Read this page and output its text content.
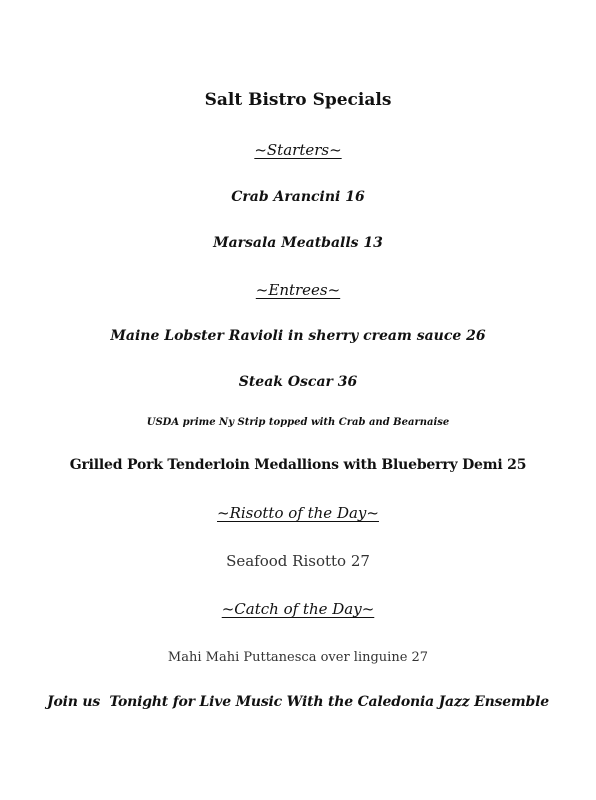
Salt Bistro Specials
~Starters~
Crab Arancini 16
Marsala Meatballs 13
~Entrees~
Maine Lobster Ravioli in sherry cream sauce 26
Steak Oscar 36
USDA prime Ny Strip topped with Crab and Bearnaise
Grilled Pork Tenderloin Medallions with Blueberry Demi 25
~Risotto of the Day~
Seafood Risotto 27
~Catch of the Day~
Mahi Mahi Puttanesca over linguine 27
Join us  Tonight for Live Music With the Caledonia Jazz Ensemble
